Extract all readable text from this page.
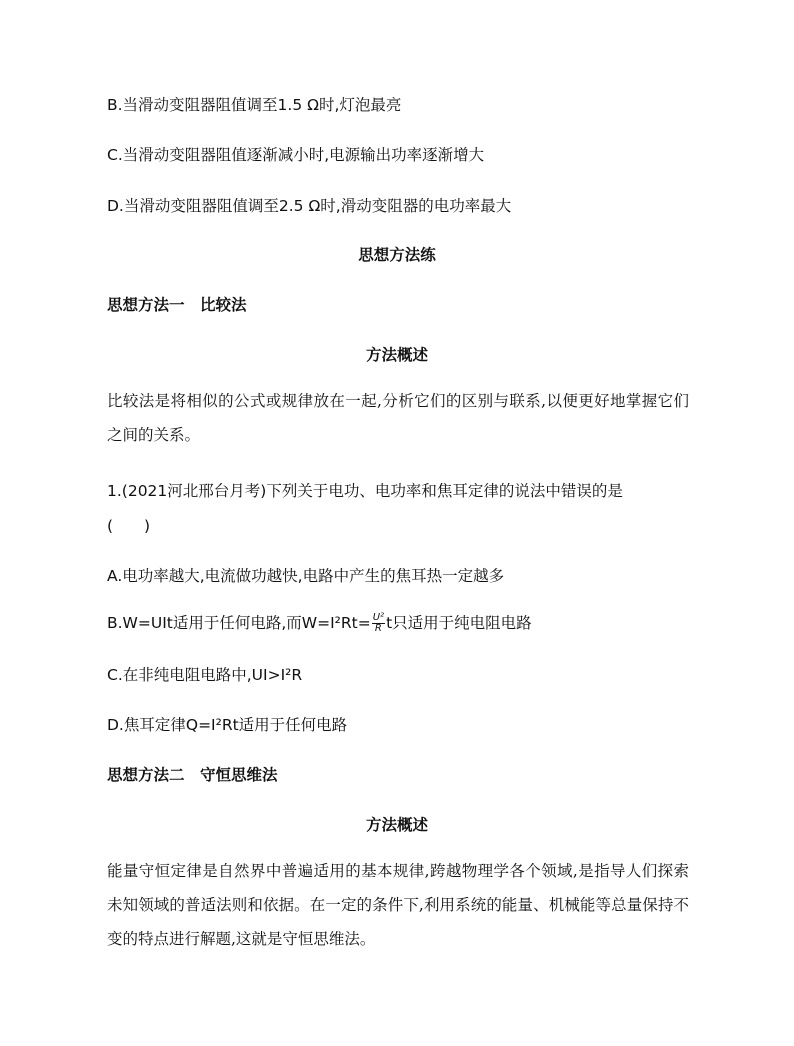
B.当滑动变阻器阻值调至1.5 Ω时,灯泡最亮
C.当滑动变阻器阻值逐渐减小时,电源输出功率逐渐增大
D.当滑动变阻器阻值调至2.5 Ω时,滑动变阻器的电功率最大
思想方法练
思想方法一　比较法
方法概述
比较法是将相似的公式或规律放在一起,分析它们的区别与联系,以便更好地掌握它们之间的关系。
1.(2021河北邢台月考)下列关于电功、电功率和焦耳定律的说法中错误的是
(　　)
A.电功率越大,电流做功越快,电路中产生的焦耳热一定越多
B.W=UIt适用于任何电路,而$W=I^2Rt= \frac{\text{U²}}{R}$ t只适用于纯电阻电路
C.在非纯电阻电路中,UI>I²R
D.焦耳定律Q=I²Rt适用于任何电路
思想方法二　守恒思维法
方法概述
能量守恒定律是自然界中普遍适用的基本规律,跨越物理学各个领域,是指导人们探索未知领域的普适法则和依据。在一定的条件下,利用系统的能量、机械能等总量保持不变的特点进行解题,这就是守恒思维法。
